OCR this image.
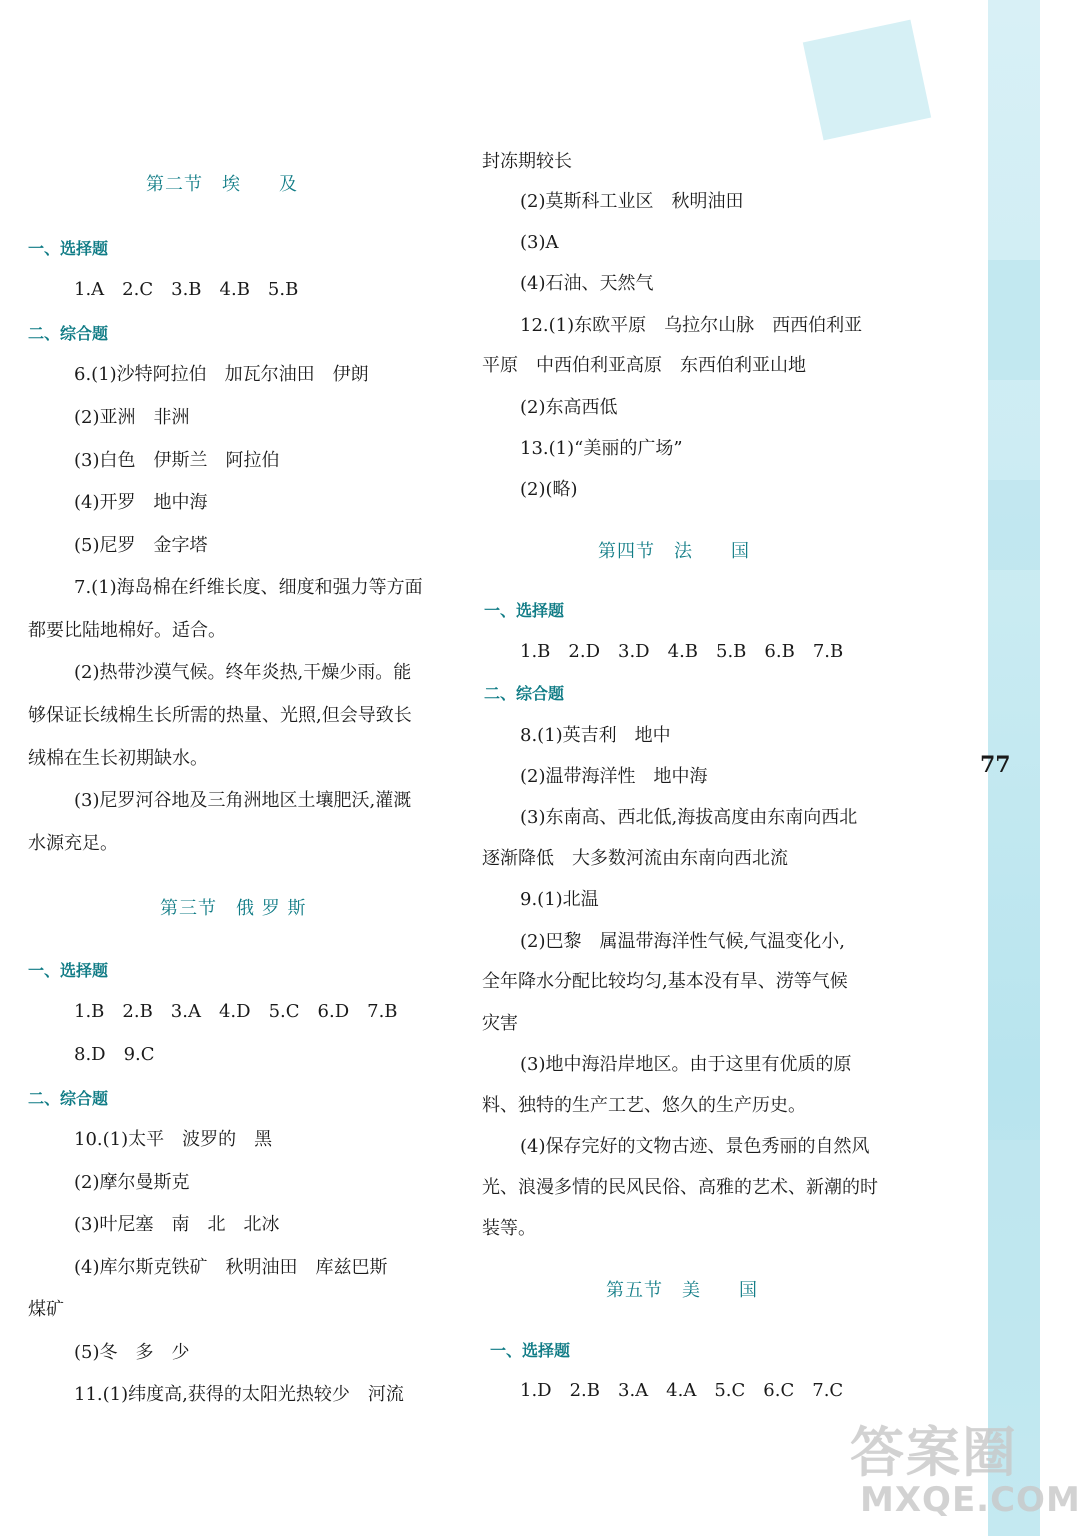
第二节　埃　　及
一、选择题
1.A　2.C　3.B　4.B　5.B
二、综合题
6.(1)沙特阿拉伯　加瓦尔油田　伊朗
(2)亚洲　非洲
(3)白色　伊斯兰　阿拉伯
(4)开罗　地中海
(5)尼罗　金字塔
7.(1)海岛棉在纤维长度、细度和强力等方面
都要比陆地棉好。适合。
(2)热带沙漠气候。终年炎热,干燥少雨。能
够保证长绒棉生长所需的热量、光照,但会导致长
绒棉在生长初期缺水。
(3)尼罗河谷地及三角洲地区土壤肥沃,灌溉
水源充足。
第三节　俄 罗 斯
一、选择题
1.B　2.B　3.A　4.D　5.C　6.D　7.B
8.D　9.C
二、综合题
10.(1)太平　波罗的　黑
(2)摩尔曼斯克
(3)叶尼塞　南　北　北冰
(4)库尔斯克铁矿　秋明油田　库兹巴斯
煤矿
(5)冬　多　少
11.(1)纬度高,获得的太阳光热较少　河流
封冻期较长
(2)莫斯科工业区　秋明油田
(3)A
(4)石油、天然气
12.(1)东欧平原　乌拉尔山脉　西西伯利亚
平原　中西伯利亚高原　东西伯利亚山地
(2)东高西低
13.(1)“美丽的广场”
(2)(略)
第四节　法　　国
一、选择题
1.B　2.D　3.D　4.B　5.B　6.B　7.B
二、综合题
8.(1)英吉利　地中
(2)温带海洋性　地中海
(3)东南高、西北低,海拔高度由东南向西北
逐渐降低　大多数河流由东南向西北流
9.(1)北温
(2)巴黎　属温带海洋性气候,气温变化小,
全年降水分配比较均匀,基本没有旱、涝等气候
灾害
(3)地中海沿岸地区。由于这里有优质的原
料、独特的生产工艺、悠久的生产历史。
(4)保存完好的文物古迹、景色秀丽的自然风
光、浪漫多情的民风民俗、高雅的艺术、新潮的时
装等。
第五节　美　　国
一、选择题
1.D　2.B　3.A　4.A　5.C　6.C　7.C
77
答案圈
MXQE.COM
